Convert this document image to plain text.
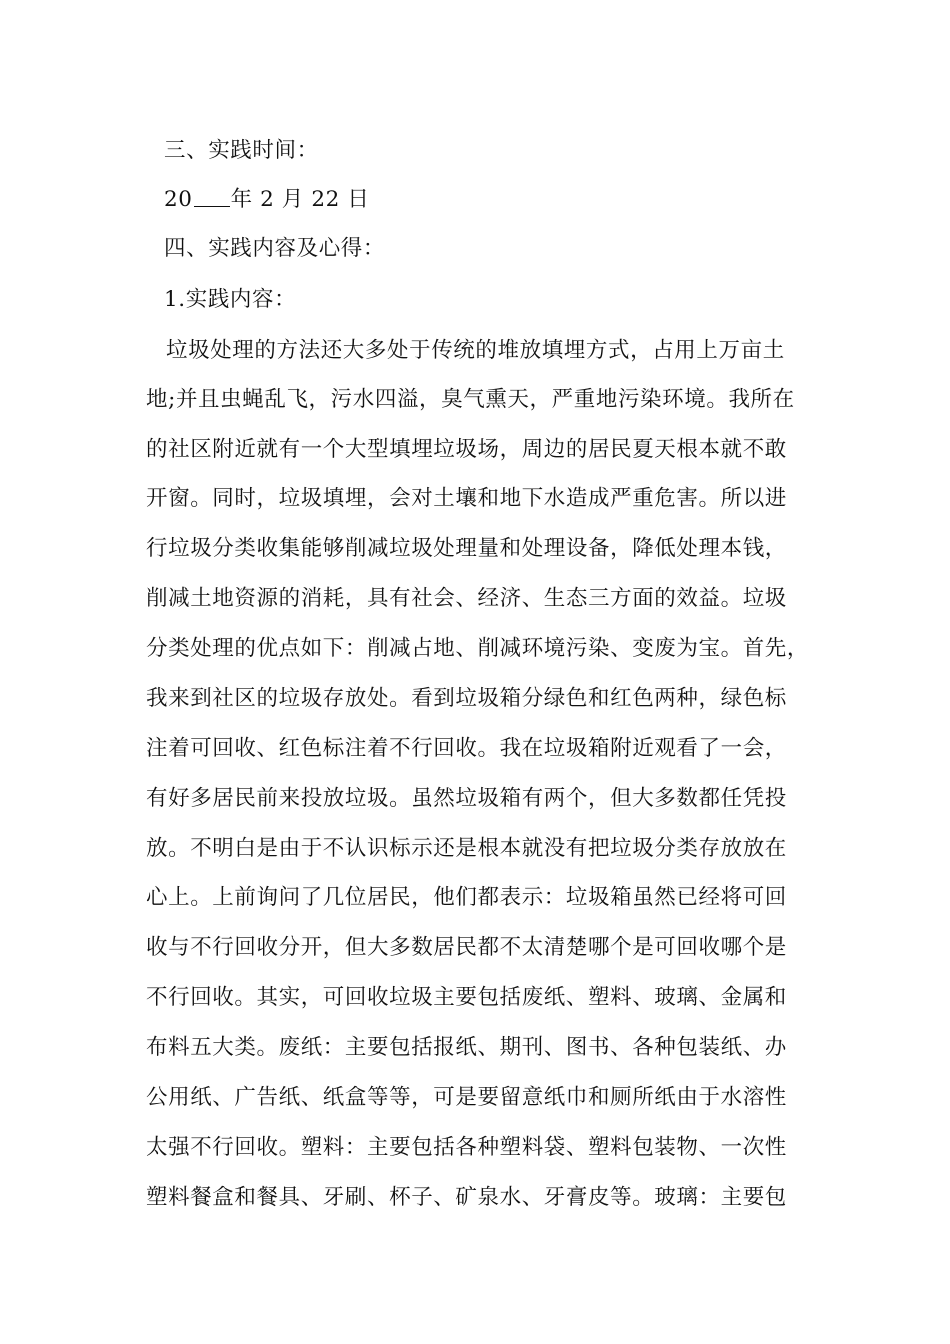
三、实践时间：
20 年 2 月 22 日
四、实践内容及心得：
1.实践内容：
垃圾处理的方法还大多处于传统的堆放填埋方式，占用上万亩土
地;并且虫蝇乱飞，污水四溢，臭气熏天，严重地污染环境。我所在
的社区附近就有一个大型填埋垃圾场，周边的居民夏天根本就不敢
开窗。同时，垃圾填埋，会对土壤和地下水造成严重危害。所以进
行垃圾分类收集能够削减垃圾处理量和处理设备，降低处理本钱，
削减土地资源的消耗，具有社会、经济、生态三方面的效益。垃圾
分类处理的优点如下：削减占地、削减环境污染、变废为宝。首先，
我来到社区的垃圾存放处。看到垃圾箱分绿色和红色两种，绿色标
注着可回收、红色标注着不行回收。我在垃圾箱附近观看了一会，
有好多居民前来投放垃圾。虽然垃圾箱有两个，但大多数都任凭投
放。不明白是由于不认识标示还是根本就没有把垃圾分类存放放在
心上。上前询问了几位居民，他们都表示：垃圾箱虽然已经将可回
收与不行回收分开，但大多数居民都不太清楚哪个是可回收哪个是
不行回收。其实，可回收垃圾主要包括废纸、塑料、玻璃、金属和
布料五大类。废纸：主要包括报纸、期刊、图书、各种包装纸、办
公用纸、广告纸、纸盒等等，可是要留意纸巾和厕所纸由于水溶性
太强不行回收。塑料：主要包括各种塑料袋、塑料包装物、一次性
塑料餐盒和餐具、牙刷、杯子、矿泉水、牙膏皮等。玻璃：主要包
